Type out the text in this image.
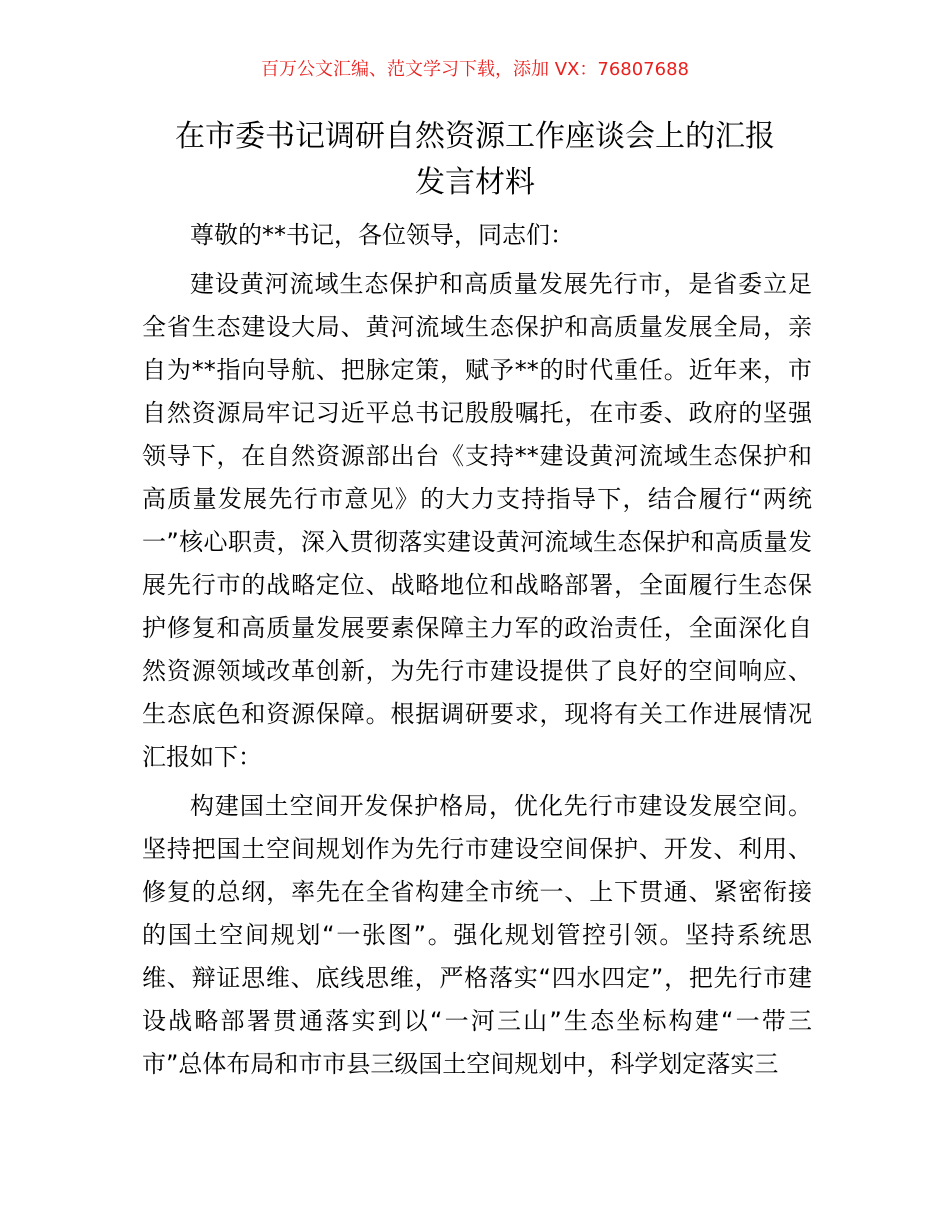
百万公文汇编、范文学习下载，添加 VX：76807688
在市委书记调研自然资源工作座谈会上的汇报
发言材料

尊敬的**书记，各位领导，同志们：

建设黄河流域生态保护和高质量发展先行市，是省委立足全省生态建设大局、黄河流域生态保护和高质量发展全局，亲自为**指向导航、把脉定策，赋予**的时代重任。近年来，市自然资源局牢记习近平总书记殷殷嘱托，在市委、政府的坚强领导下，在自然资源部出台《支持**建设黄河流域生态保护和高质量发展先行市意见》的大力支持指导下，结合履行“两统一”核心职责，深入贯彻落实建设黄河流域生态保护和高质量发展先行市的战略定位、战略地位和战略部署，全面履行生态保护修复和高质量发展要素保障主力军的政治责任，全面深化自然资源领域改革创新，为先行市建设提供了良好的空间响应、生态底色和资源保障。根据调研要求，现将有关工作进展情况汇报如下：

构建国土空间开发保护格局，优化先行市建设发展空间。坚持把国土空间规划作为先行市建设空间保护、开发、利用、修复的总纲，率先在全省构建全市统一、上下贯通、紧密衔接的国土空间规划“一张图”。强化规划管控引领。坚持系统思维、辩证思维、底线思维，严格落实“四水四定”，把先行市建设战略部署贯通落实到以“一河三山”生态坐标构建“一带三市”总体布局和市市县三级国土空间规划中，科学划定落实三
